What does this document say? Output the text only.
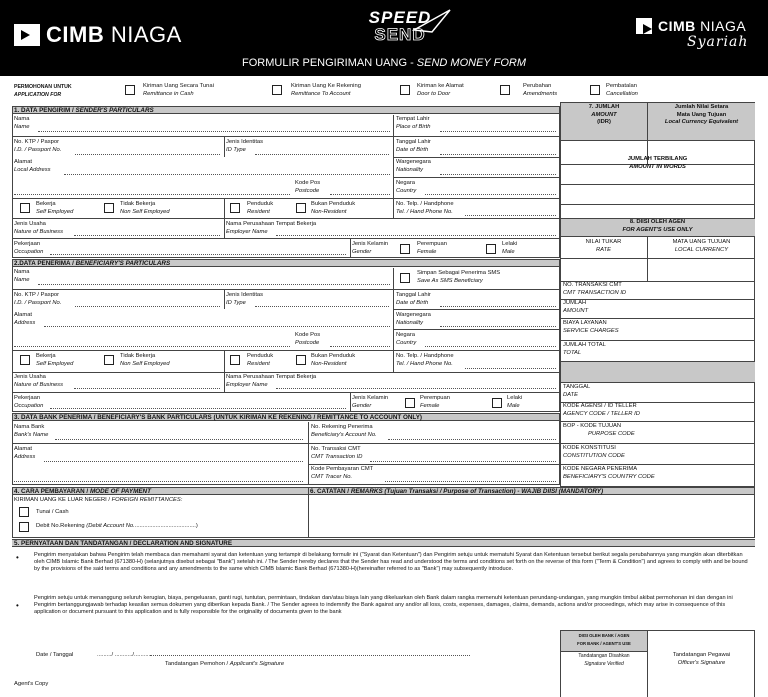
CIMB NIAGA
SPEED
SEND
FORMULIR PENGIRIMAN UANG - SEND MONEY FORM
CIMB NIAGA
Syariah
PERMOHONAN UNTUK
APPLICATION FOR
Kiriman Uang Secara Tunai
Remittance in Cash
Kiriman Uang Ke Rekening
Remittance To Account
Kiriman ke Alamat
Door to Door
Perubahan
Amendments
Pembatalan
Cancellation
1. DATA PENGIRIM / SENDER'S PARTICULARS
Nama
Name
Tempat Lahir
Place of Birth
No. KTP / Paspor
I.D. / Passport No.
Jenis Identitas
ID Type
Tanggal Lahir
Date of Birth
Alamat
Local Address
Wargenegara
Nationality
Kode Pos
Postcode
Negara
Country
Bekerja
Self Employed
Tidak Bekerja
Non Self Employed
Penduduk
Resident
Bukan Penduduk
Non-Resident
No. Telp. / Handphone
Tel. / Hand Phone No.
Jenis Usaha
Nature of Business
Nama Perusahaan Tempat Bekerja
Employer Name
Pekerjaan
Occupation
Jenis Kelamin
Gender
Perempuan
Female
Lelaki
Male
2.DATA PENERIMA / BENEFICIARY'S PARTICULARS
Nama
Name
Simpan Sebagai Penerima SMS
Save As SMS Beneficiary
No. KTP / Paspor
I.D. / Passport No.
Jenis Identitas
ID Type
Tanggal Lahir
Date of Birth
Alamat
Address
Wargenegara
Nationality
Kode Pos
Postcode
Negara
Country
Bekerja
Self Employed
Tidak Bekerja
Non Self Employed
Penduduk
Resident
Bukan Penduduk
Non-Resident
No. Telp. / Handphone
Tel. / Hand Phone No.
Jenis Usaha
Nature of Business
Nama Perusahaan Tempat Bekerja
Employer Name
Pekerjaan
Occupation
Jenis Kelamin
Gender
Perempuan
Female
Lelaki
Male
3. DATA BANK PENERIMA / BENEFICIARY'S BANK PARTICULARS (UNTUK KIRIMAN KE REKENING / REMITTANCE TO ACCOUNT ONLY)
Nama Bank
Bank's Name
No. Rekening Penerima
Beneficiary's Account No.
Alamat
Address
No. Transaksi CMT
CMT Transaction ID
Kode Pembayaran CMT
CMT Tracer No.
4. CARA PEMBAYARAN / MODE OF PAYMENT	6. CATATAN / REMARKS (Tujuan Transaksi / Purpose of Transaction) - WAJIB DIISI (MANDATORY)
KIRIMAN UANG KE LUAR NEGERI / FOREIGN REMITTANCES:
Tunai / Cash
Debit No.Rekening (Debit Account No.......................................)
7. JUMLAH
AMOUNT
(IDR)
Jumlah Nilai Setara
Mata Uang Tujuan
Local Currency Equivalent
JUMLAH TERBILANG
AMOUNT IN WORDS
8. DIISI OLEH AGEN
FOR AGENT'S USE ONLY
NILAI TUKAR
RATE
MATA UANG TUJUAN
LOCAL CURRENCY
NO. TRANSAKSI CMT
CMT TRANSACTION ID
JUMLAH
AMOUNT
BIAYA LAYANAN
SERVICE CHARGES
JUMLAH TOTAL
TOTAL
TANGGAL
DATE
KODE AGENSI / ID TELLER
AGENCY CODE / TELLER ID
BOP - KODE TUJUAN
PURPOSE CODE
KODE KONSTITUSI
CONSTITUTION CODE
KODE NEGARA PENERIMA
BENEFICIARY'S COUNTRY CODE
5. PERNYATAAN DAN TANDATANGAN / DECLARATION AND SIGNATURE
•	Pengirim menyatakan bahwa Pengirim telah membaca dan memahami syarat dan ketentuan yang tertampir di belakang formulir ini ("Syarat dan Ketentuan") dan Pengirim setuju untuk mematuhi Syarat dan Ketentuan tersebut berikut segala perubahannya yang mungkin akan diterbitkan oleh CIMB Islamic Bank Berhad (671380-H) (selanjutnya disebut sebagai "Bank") setelah ini. / The Sender hereby declares that the Sender has read and understood the terms and conditions set forth on the reverse of this form ("Term & Condition") and agrees to comply with and be bound by the provisions of the said terms and conditions and any amendments to the same which CIMB Islamic Bank Berhad (671380-H)(hereinafter referred to as "Bank") may subsequently introduce.
•
Pengirim setuju untuk menanggung seluruh kerugian, biaya, pengeluaran, ganti rugi, tuntutan, permintaan, tindakan dan/atau biaya lain yang dikeluarkan oleh Bank dalam rangka memenuhi ketentuan perundang-undangan, yang mungkin timbul akibat permohonan ini dan dengan ini Pengirim bertanggungjawab terhadap keasilan semua dokumen yang diberikan kepada Bank. / The Sender agrees to indemnify the Bank against any and/or all loss, costs, expenses, damages, claims, demands, actions and/or proceedings, which may arise in consequence of this application or document pursuant to this application and is fully responsible for the originality of documents given to the bank
Date / Tanggal	........./ .........../...........
Tandatangan Pemohon / Applicant's Signature
DIISI OLEH BANK / AGEN
FOR BANK / AGENT'S USE
Tandatangan Disahkan
Signature Verified
Tandatangan Pegawai
Officer's Signature
Agent's Copy
